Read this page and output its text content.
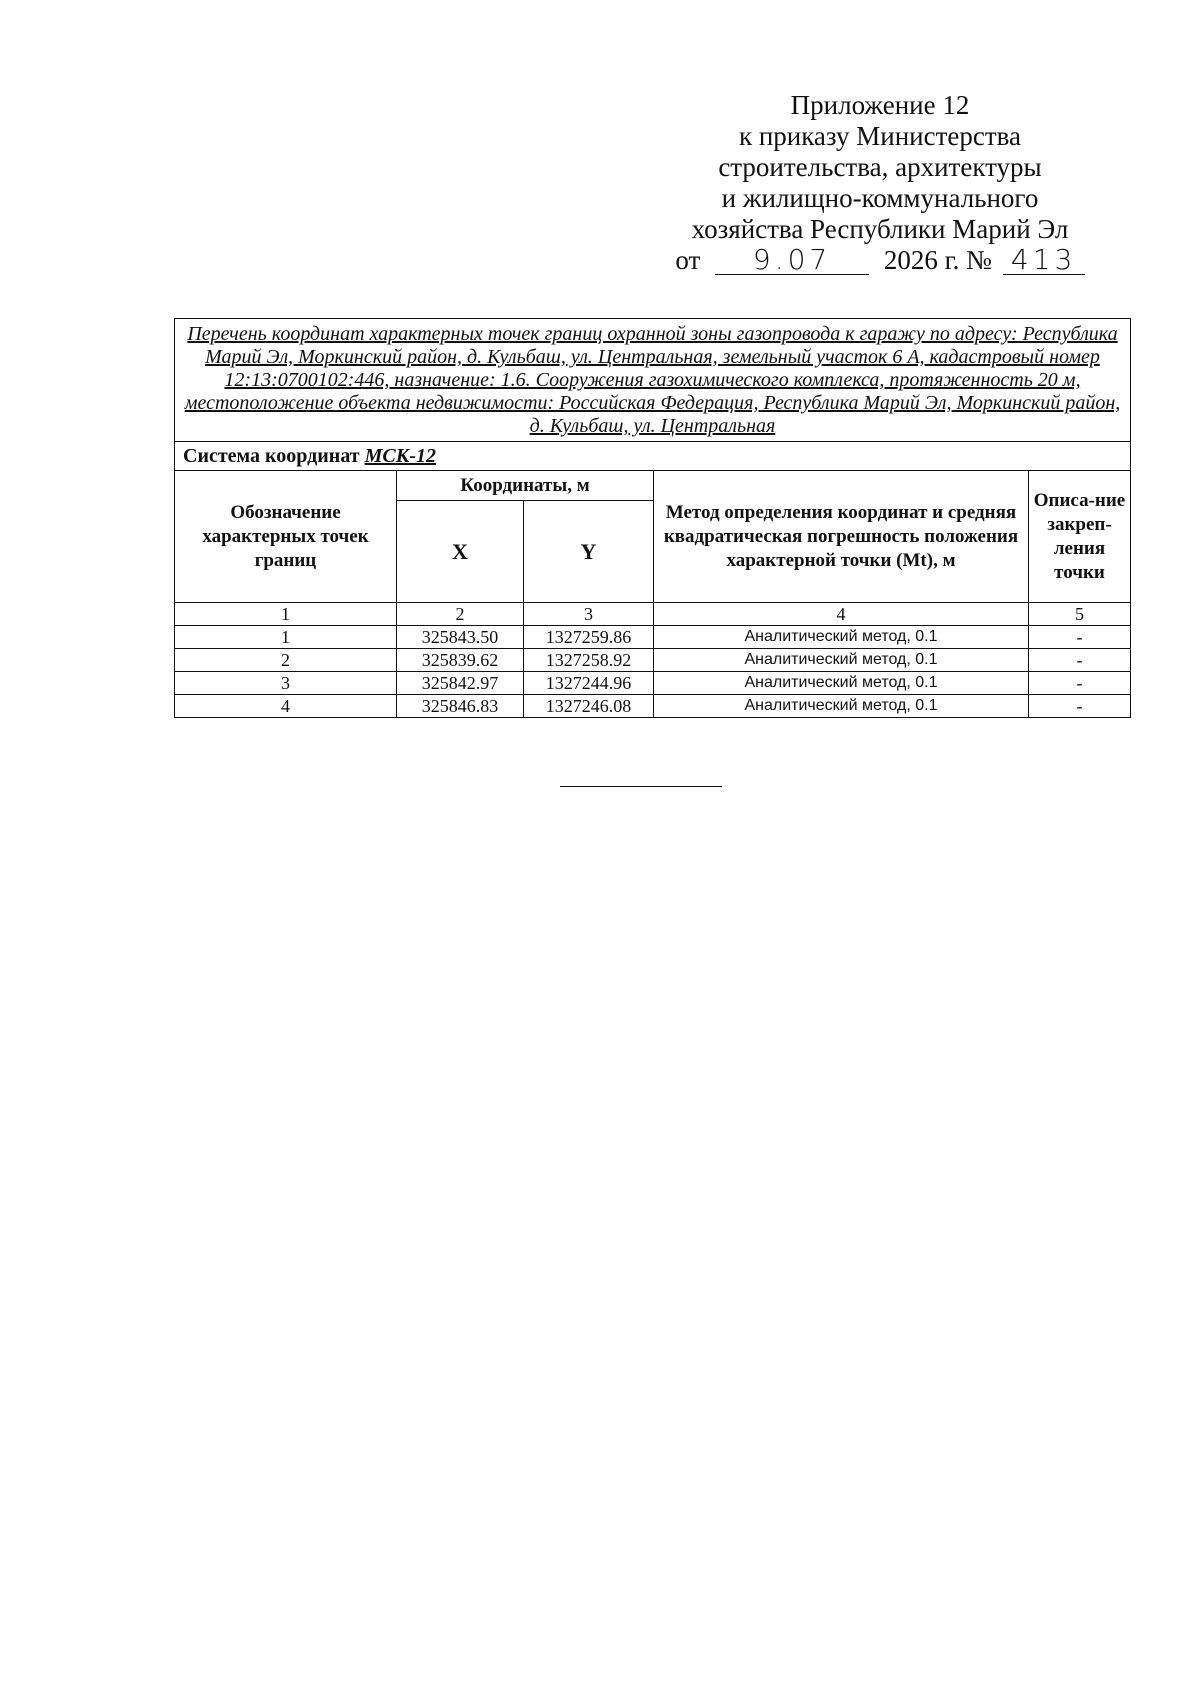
Приложение 12
к приказу Министерства
строительства, архитектуры
и жилищно-коммунального
хозяйства Республики Марий Эл
от 9.07 2026 г. № 413
Перечень координат характерных точек границ охранной зоны газопровода к гаражу по адресу: Республика Марий Эл, Моркинский район, д. Кульбаш, ул. Центральная, земельный участок 6 А, кадастровый номер 12:13:0700102:446, назначение: 1.6. Сооружения газохимического комплекса, протяженность 20 м, местоположение объекта недвижимости: Российская Федерация, Республика Марий Эл, Моркинский район, д. Кульбаш, ул. Центральная				
Система координат МСК-12				
Обозначение характерных точек границ	Координаты, м		Метод определения координат и средняя квадратическая погрешность положения характерной точки (Mt), м	Описа-ние закреп-ления точки
	X	Y		
1	2	3	4	5
1	325843.50	1327259.86	Аналитический метод, 0.1	-
2	325839.62	1327258.92	Аналитический метод, 0.1	-
3	325842.97	1327244.96	Аналитический метод, 0.1	-
4	325846.83	1327246.08	Аналитический метод, 0.1	-
